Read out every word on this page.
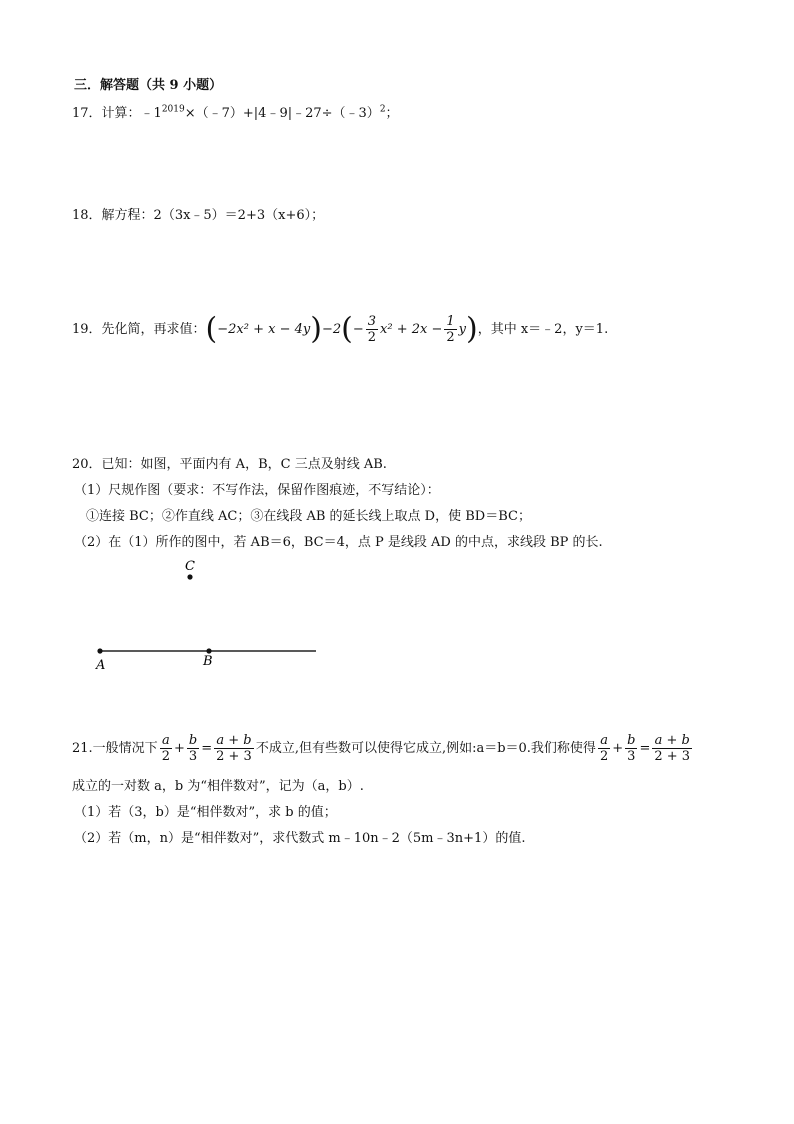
三．解答题（共 9 小题）
17．计算：$﹣1^{2019}\times(﹣7)+|4﹣9|﹣27\div(﹣3)^2$；
18．解方程：2（3x﹣5）＝2+3（x+6）；
19．先化简，再求值：$(-2x^2 + x - 4y)-2(- \frac{3}{2} x^2 + 2x - \frac{1}{2} y)$，其中 x＝﹣2，y＝1.
20．已知：如图，平面内有 A，B，C 三点及射线 AB.
（1）尺规作图（要求：不写作法，保留作图痕迹，不写结论）：
①连接 BC；②作直线 AC；③在线段 AB 的延长线上取点 D，使 BD＝BC；
（2）在（1）所作的图中，若 AB＝6，BC＝4，点 P 是线段 AD 的中点，求线段 BP 的长.
A	B
C
21.一般情况下 $\frac{a}{2} + \frac{b}{3} = \frac{a + b}{2 + 3}$ 不成立,但有些数可以使得它成立,例如:a＝b＝0.我们称使得 $\frac{a}{2} + \frac{b}{3} = \frac{a + b}{2 + 3}$
成立的一对数 a，b 为“相伴数对”，记为（a，b）.
（1）若（3，b）是“相伴数对”，求 b 的值；
（2）若（m，n）是“相伴数对”，求代数式 m﹣10n﹣2（5m﹣3n+1）的值.
